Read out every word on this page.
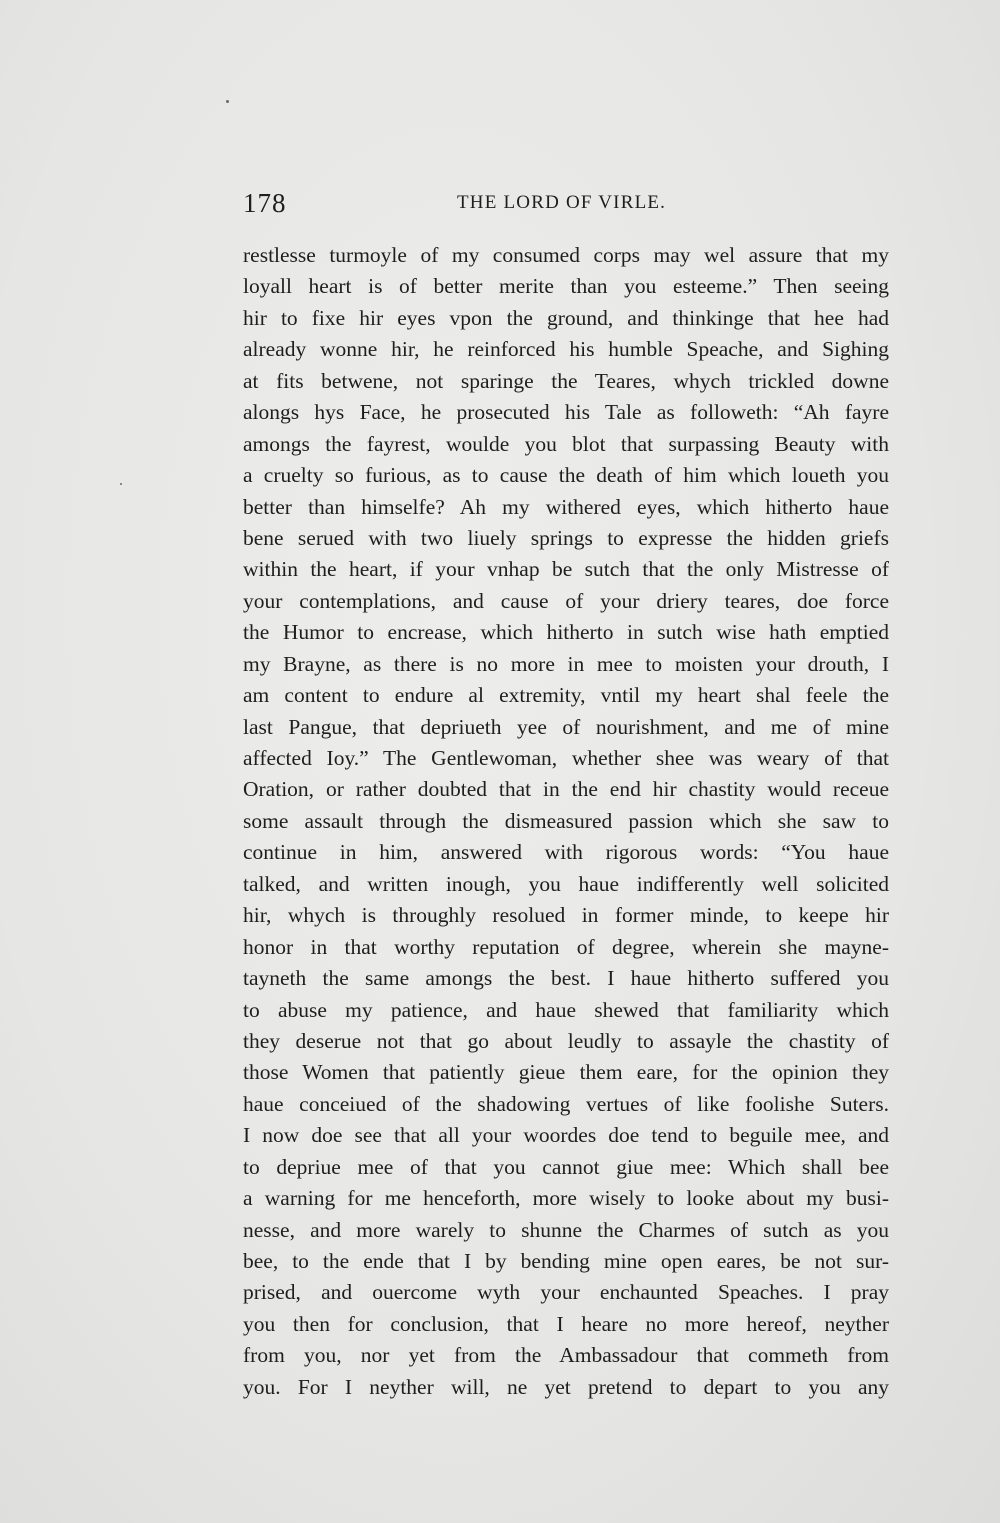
178	THE LORD OF VIRLE.
restlesse turmoyle of my consumed corps may wel assure that my
loyall heart is of better merite than you esteeme.” Then seeing
hir to fixe hir eyes vpon the ground, and thinkinge that hee had
already wonne hir, he reinforced his humble Speache, and Sighing
at fits betwene, not sparinge the Teares, whych trickled downe
alongs hys Face, he prosecuted his Tale as followeth: “Ah fayre
amongs the fayrest, woulde you blot that surpassing Beauty with
a cruelty so furious, as to cause the death of him which loueth you
better than himselfe? Ah my withered eyes, which hitherto haue
bene serued with two liuely springs to expresse the hidden griefs
within the heart, if your vnhap be sutch that the only Mistresse of
your contemplations, and cause of your driery teares, doe force
the Humor to encrease, which hitherto in sutch wise hath emptied
my Brayne, as there is no more in mee to moisten your drouth, I
am content to endure al extremity, vntil my heart shal feele the
last Pangue, that depriueth yee of nourishment, and me of mine
affected Ioy.” The Gentlewoman, whether shee was weary of that
Oration, or rather doubted that in the end hir chastity would receue
some assault through the dismeasured passion which she saw to
continue in him, answered with rigorous words: “You haue
talked, and written inough, you haue indifferently well solicited
hir, whych is throughly resolued in former minde, to keepe hir
honor in that worthy reputation of degree, wherein she mayne-
tayneth the same amongs the best. I haue hitherto suffered you
to abuse my patience, and haue shewed that familiarity which
they deserue not that go about leudly to assayle the chastity of
those Women that patiently gieue them eare, for the opinion they
haue conceiued of the shadowing vertues of like foolishe Suters.
I now doe see that all your woordes doe tend to beguile mee, and
to depriue mee of that you cannot giue mee: Which shall bee
a warning for me henceforth, more wisely to looke about my busi-
nesse, and more warely to shunne the Charmes of sutch as you
bee, to the ende that I by bending mine open eares, be not sur-
prised, and ouercome wyth your enchaunted Speaches. I pray
you then for conclusion, that I heare no more hereof, neyther
from you, nor yet from the Ambassadour that commeth from
you. For I neyther will, ne yet pretend to depart to you any
